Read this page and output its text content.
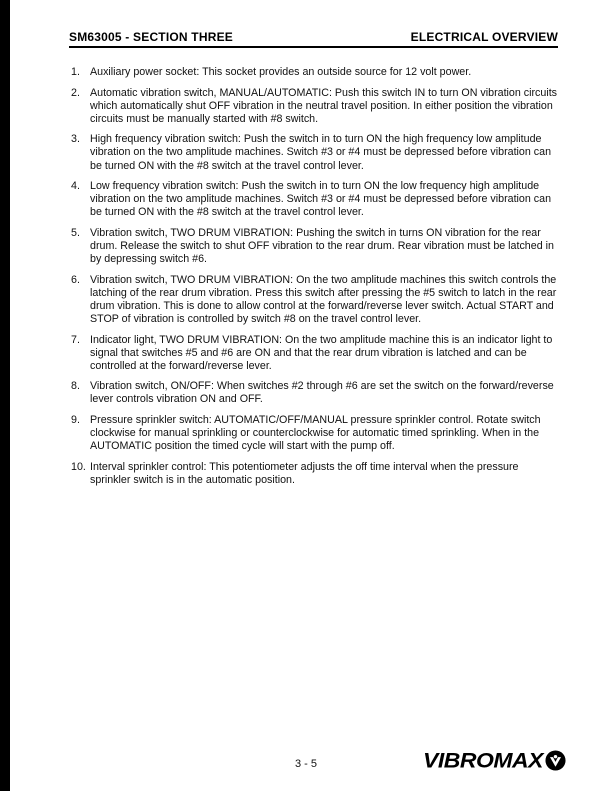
SM63005 - SECTION THREE	ELECTRICAL OVERVIEW
1. Auxiliary power socket: This socket provides an outside source for 12 volt power.
2. Automatic vibration switch, MANUAL/AUTOMATIC: Push this switch IN to turn ON vibration circuits which automatically shut OFF vibration in the neutral travel position. In either position the vibration circuits must be manually started with #8 switch.
3. High frequency vibration switch: Push the switch in to turn ON the high frequency low amplitude vibration on the two amplitude machines. Switch #3 or #4 must be depressed before vibration can be turned ON with the #8 switch at the travel control lever.
4. Low frequency vibration switch: Push the switch in to turn ON the low frequency high amplitude vibration on the two amplitude machines. Switch #3 or #4 must be depressed before vibration can be turned ON with the #8 switch at the travel control lever.
5. Vibration switch, TWO DRUM VIBRATION: Pushing the switch in turns ON vibration for the rear drum. Release the switch to shut OFF vibration to the rear drum. Rear vibration must be latched in by depressing switch #6.
6. Vibration switch, TWO DRUM VIBRATION: On the two amplitude machines this switch controls the latching of the rear drum vibration. Press this switch after pressing the #5 switch to latch in the rear drum vibration. This is done to allow control at the forward/reverse lever switch. Actual START and STOP of vibration is controlled by switch #8 on the travel control lever.
7. Indicator light, TWO DRUM VIBRATION: On the two amplitude machine this is an indicator light to signal that switches #5 and #6 are ON and that the rear drum vibration is latched and can be controlled at the forward/reverse lever.
8. Vibration switch, ON/OFF: When switches #2 through #6 are set the switch on the forward/reverse lever controls vibration ON and OFF.
9. Pressure sprinkler switch: AUTOMATIC/OFF/MANUAL pressure sprinkler control. Rotate switch clockwise for manual sprinkling or counterclockwise for automatic timed sprinkling. When in the AUTOMATIC position the timed cycle will start with the pump off.
10. Interval sprinkler control: This potentiometer adjusts the off time interval when the pressure sprinkler switch is in the automatic position.
3 - 5	VIBROMAX
